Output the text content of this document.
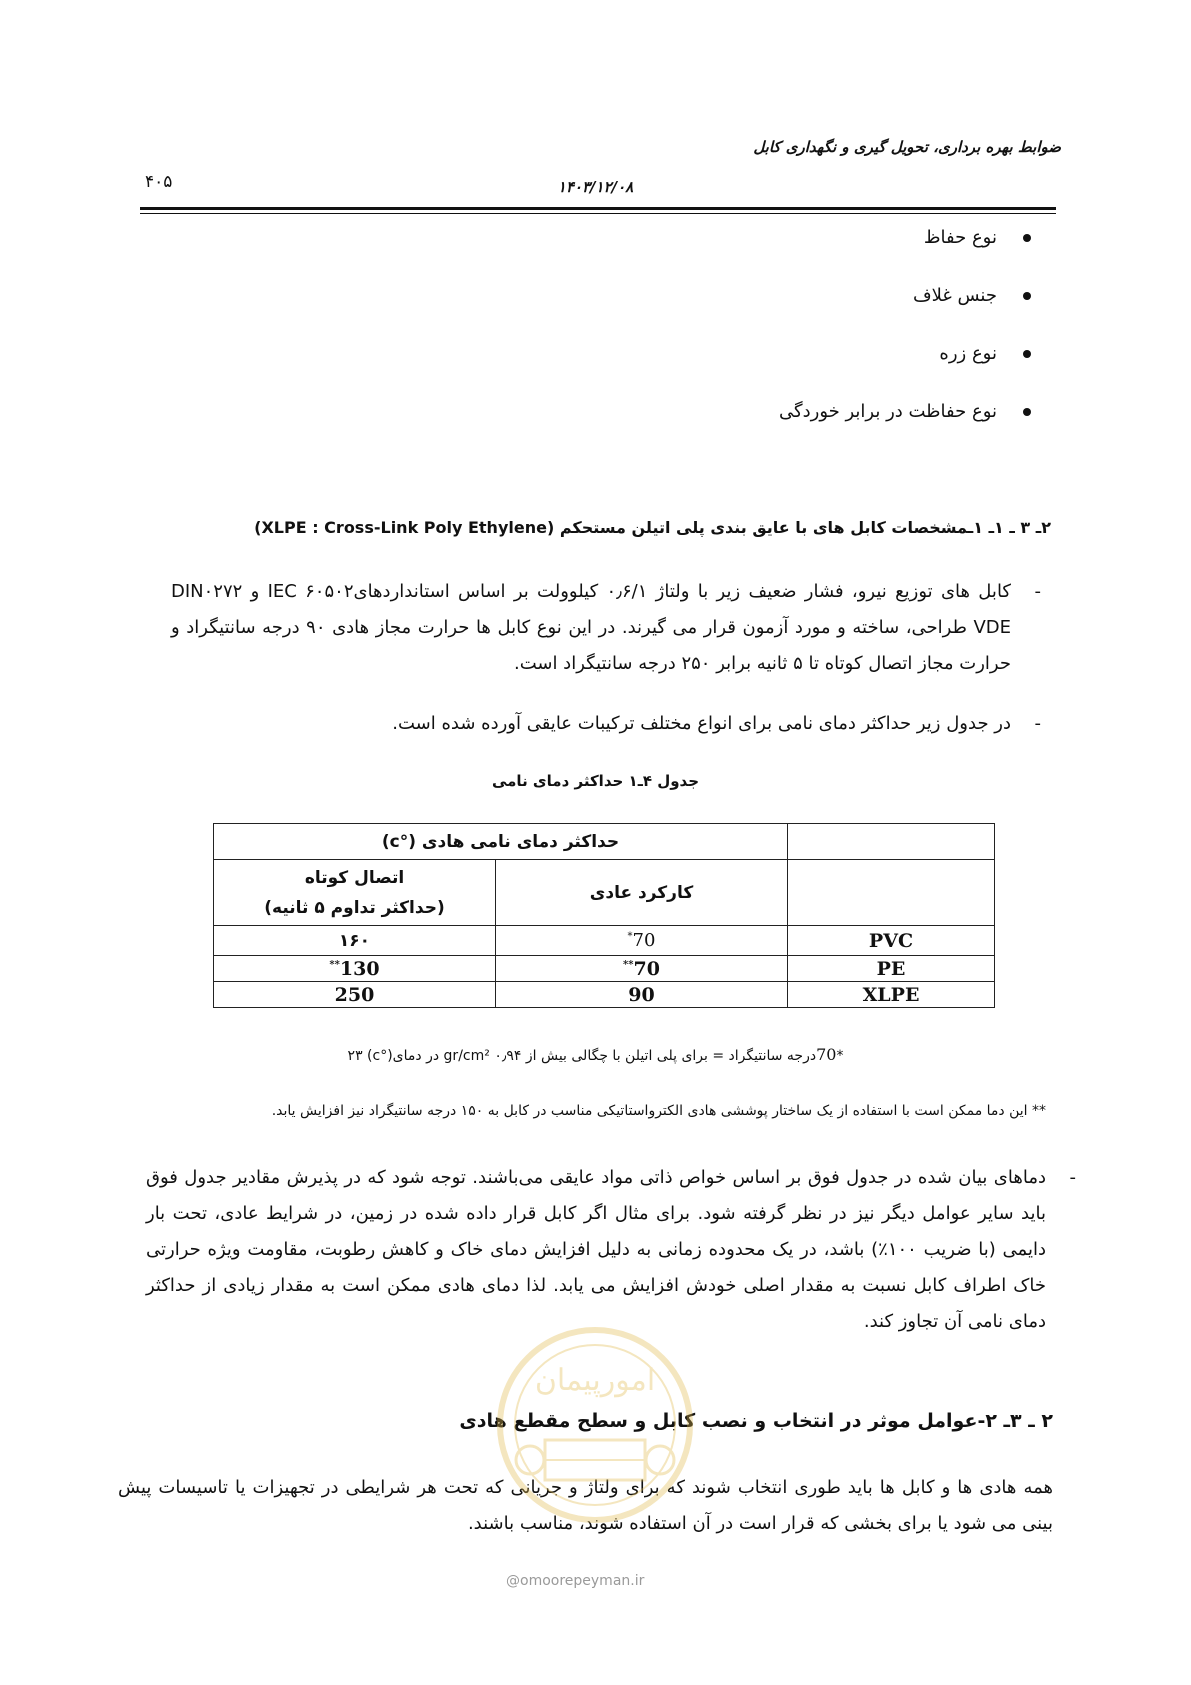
ضوابط بهره برداری، تحویل گیری و نگهداری کابل
۴۰۵	۱۴۰۳/۱۲/۰۸
نوع حفاظ
جنس غلاف
نوع زره
نوع حفاظت در برابر خوردگی
۲ـ ۳ ـ ۱ـ ۱ـمشخصات کابل های با عایق بندی پلی اتیلن مستحکم (XLPE : Cross-Link Poly Ethylene)
-
کابل های توزیع نیرو، فشار ضعیف زیر با ولتاژ ۰٫۶/۱ کیلوولت بر اساس استانداردهای۶۰۵۰۲ IEC و DIN۰۲۷۲ VDE طراحی، ساخته و مورد آزمون قرار می گیرند. در این نوع کابل ها حرارت مجاز هادی ۹۰ درجه سانتیگراد و حرارت مجاز اتصال کوتاه تا ۵ ثانیه برابر ۲۵۰ درجه سانتیگراد است.
-
در جدول زیر حداکثر دمای نامی برای انواع مختلف ترکیبات عایقی آورده شده است.
جدول ۴ـ۱ حداکثر دمای نامی
	حداکثر دمای نامی هادی (°c)	
	کارکرد عادی	اتصال کوتاه
(حداکثر تداوم ۵ ثانیه)

PVC	70*	۱۶۰
PE	70**	130**
XLPE	90	250
*70درجه سانتیگراد = برای پلی اتیلن با چگالی بیش از ۰٫۹۴ gr/cm² در دمای(°c) ۲۳
** این دما ممکن است با استفاده از یک ساختار پوششی هادی الکترواستاتیکی مناسب در کابل به ۱۵۰ درجه سانتیگراد نیز افزایش یابد.
-
دماهای بیان شده در جدول فوق بر اساس خواص ذاتی مواد عایقی می‌باشند. توجه شود که در پذیرش مقادیر جدول فوق باید سایر عوامل دیگر نیز در نظر گرفته شود. برای مثال اگر کابل قرار داده شده در زمین، در شرایط عادی، تحت بار دایمی (با ضریب ۱۰۰٪) باشد، در یک محدوده زمانی به دلیل افزایش دمای خاک و کاهش رطوبت، مقاومت ویژه حرارتی خاک اطراف کابل نسبت به مقدار اصلی خودش افزایش می یابد. لذا دمای هادی ممکن است به مقدار زیادی از حداکثر دمای نامی آن تجاوز کند.
۲ ـ ۳ـ ۲-عوامل موثر در انتخاب و نصب کابل و سطح مقطع هادی
همه هادی ها و کابل ها باید طوری انتخاب شوند که برای ولتاژ و جریانی که تحت هر شرایطی در تجهیزات یا تاسیسات پیش بینی می شود یا برای بخشی که قرار است در آن استفاده شوند، مناسب باشند.
امورپیمان
@omoorepeyman.ir
